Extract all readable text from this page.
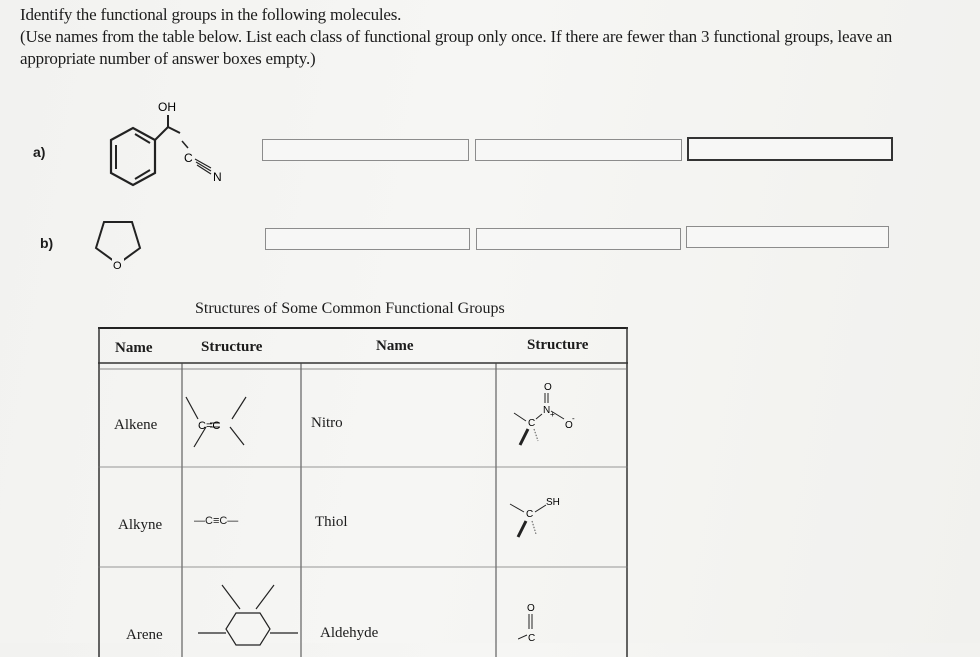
Identify the functional groups in the following molecules.
(Use names from the table below. List each class of functional group only once. If there are fewer than 3 functional groups, leave an
appropriate number of answer boxes empty.)
a)
OH
C
N
b)
O
Structures of Some Common Functional Groups
Name	Structure	Name	Structure
Alkene	C=C	Nitro
O
N +
O
-
C
Alkyne	—C≡C—	Thiol
SH
C
Arene	Aldehyde
O
C
